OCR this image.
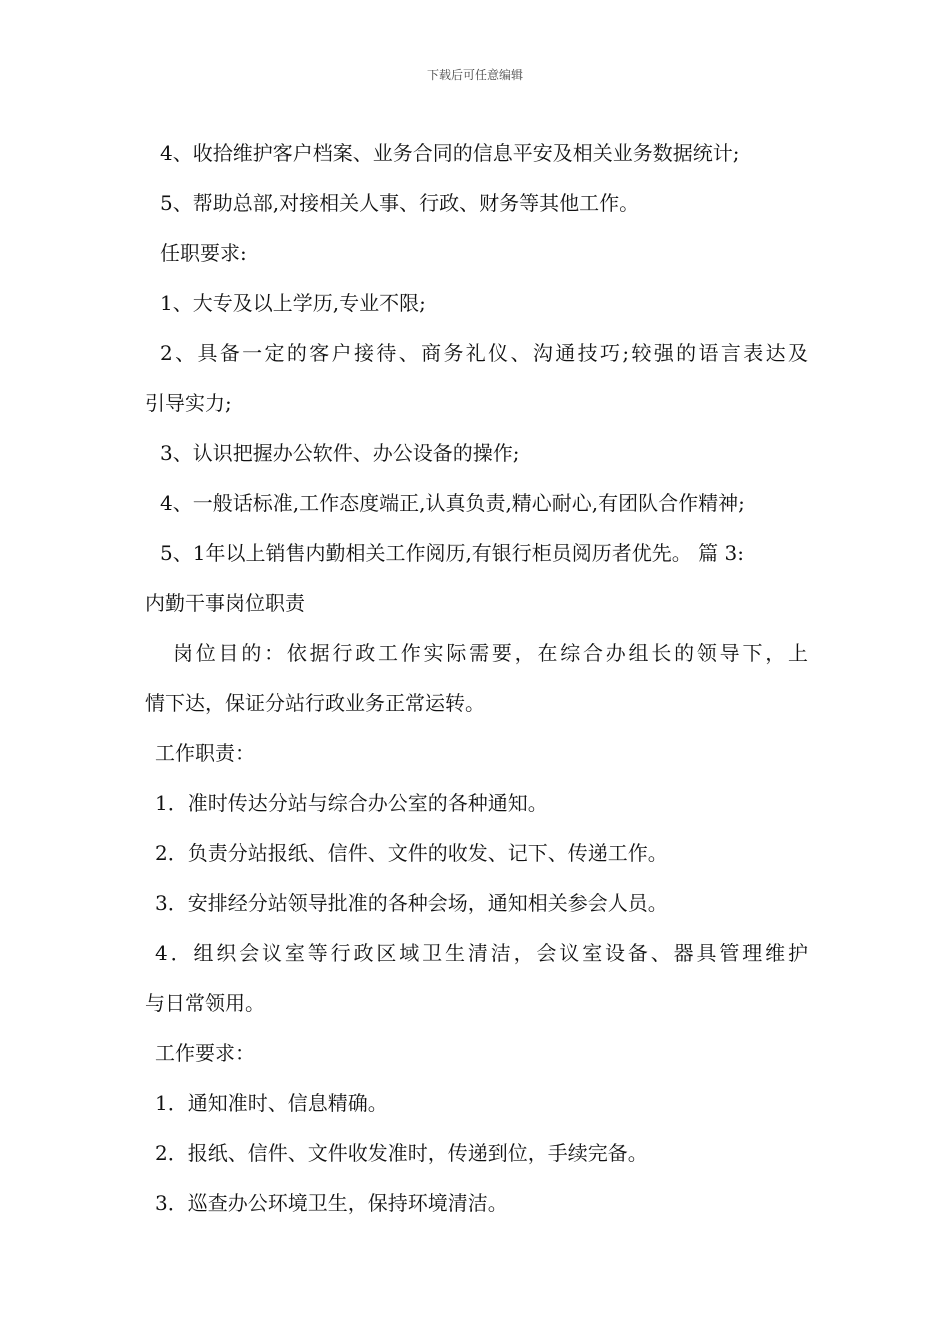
下载后可任意编辑

4、收拾维护客户档案、业务合同的信息平安及相关业务数据统计;

5、帮助总部,对接相关人事、行政、财务等其他工作。

任职要求:

1、大专及以上学历,专业不限;

2、具备一定的客户接待、商务礼仪、沟通技巧;较强的语言表达及

引导实力;

3、认识把握办公软件、办公设备的操作;

4、一般话标准,工作态度端正,认真负责,精心耐心,有团队合作精神;

5、1年以上销售内勤相关工作阅历,有银行柜员阅历者优先。 篇 3:

内勤干事岗位职责

岗位目的：依据行政工作实际需要，在综合办组长的领导下，上

情下达，保证分站行政业务正常运转。

工作职责：

1．准时传达分站与综合办公室的各种通知。

2．负责分站报纸、信件、文件的收发、记下、传递工作。

3．安排经分站领导批准的各种会场，通知相关参会人员。

4．组织会议室等行政区域卫生清洁，会议室设备、器具管理维护

与日常领用。

工作要求：

1．通知准时、信息精确。

2．报纸、信件、文件收发准时，传递到位，手续完备。

3．巡查办公环境卫生，保持环境清洁。
